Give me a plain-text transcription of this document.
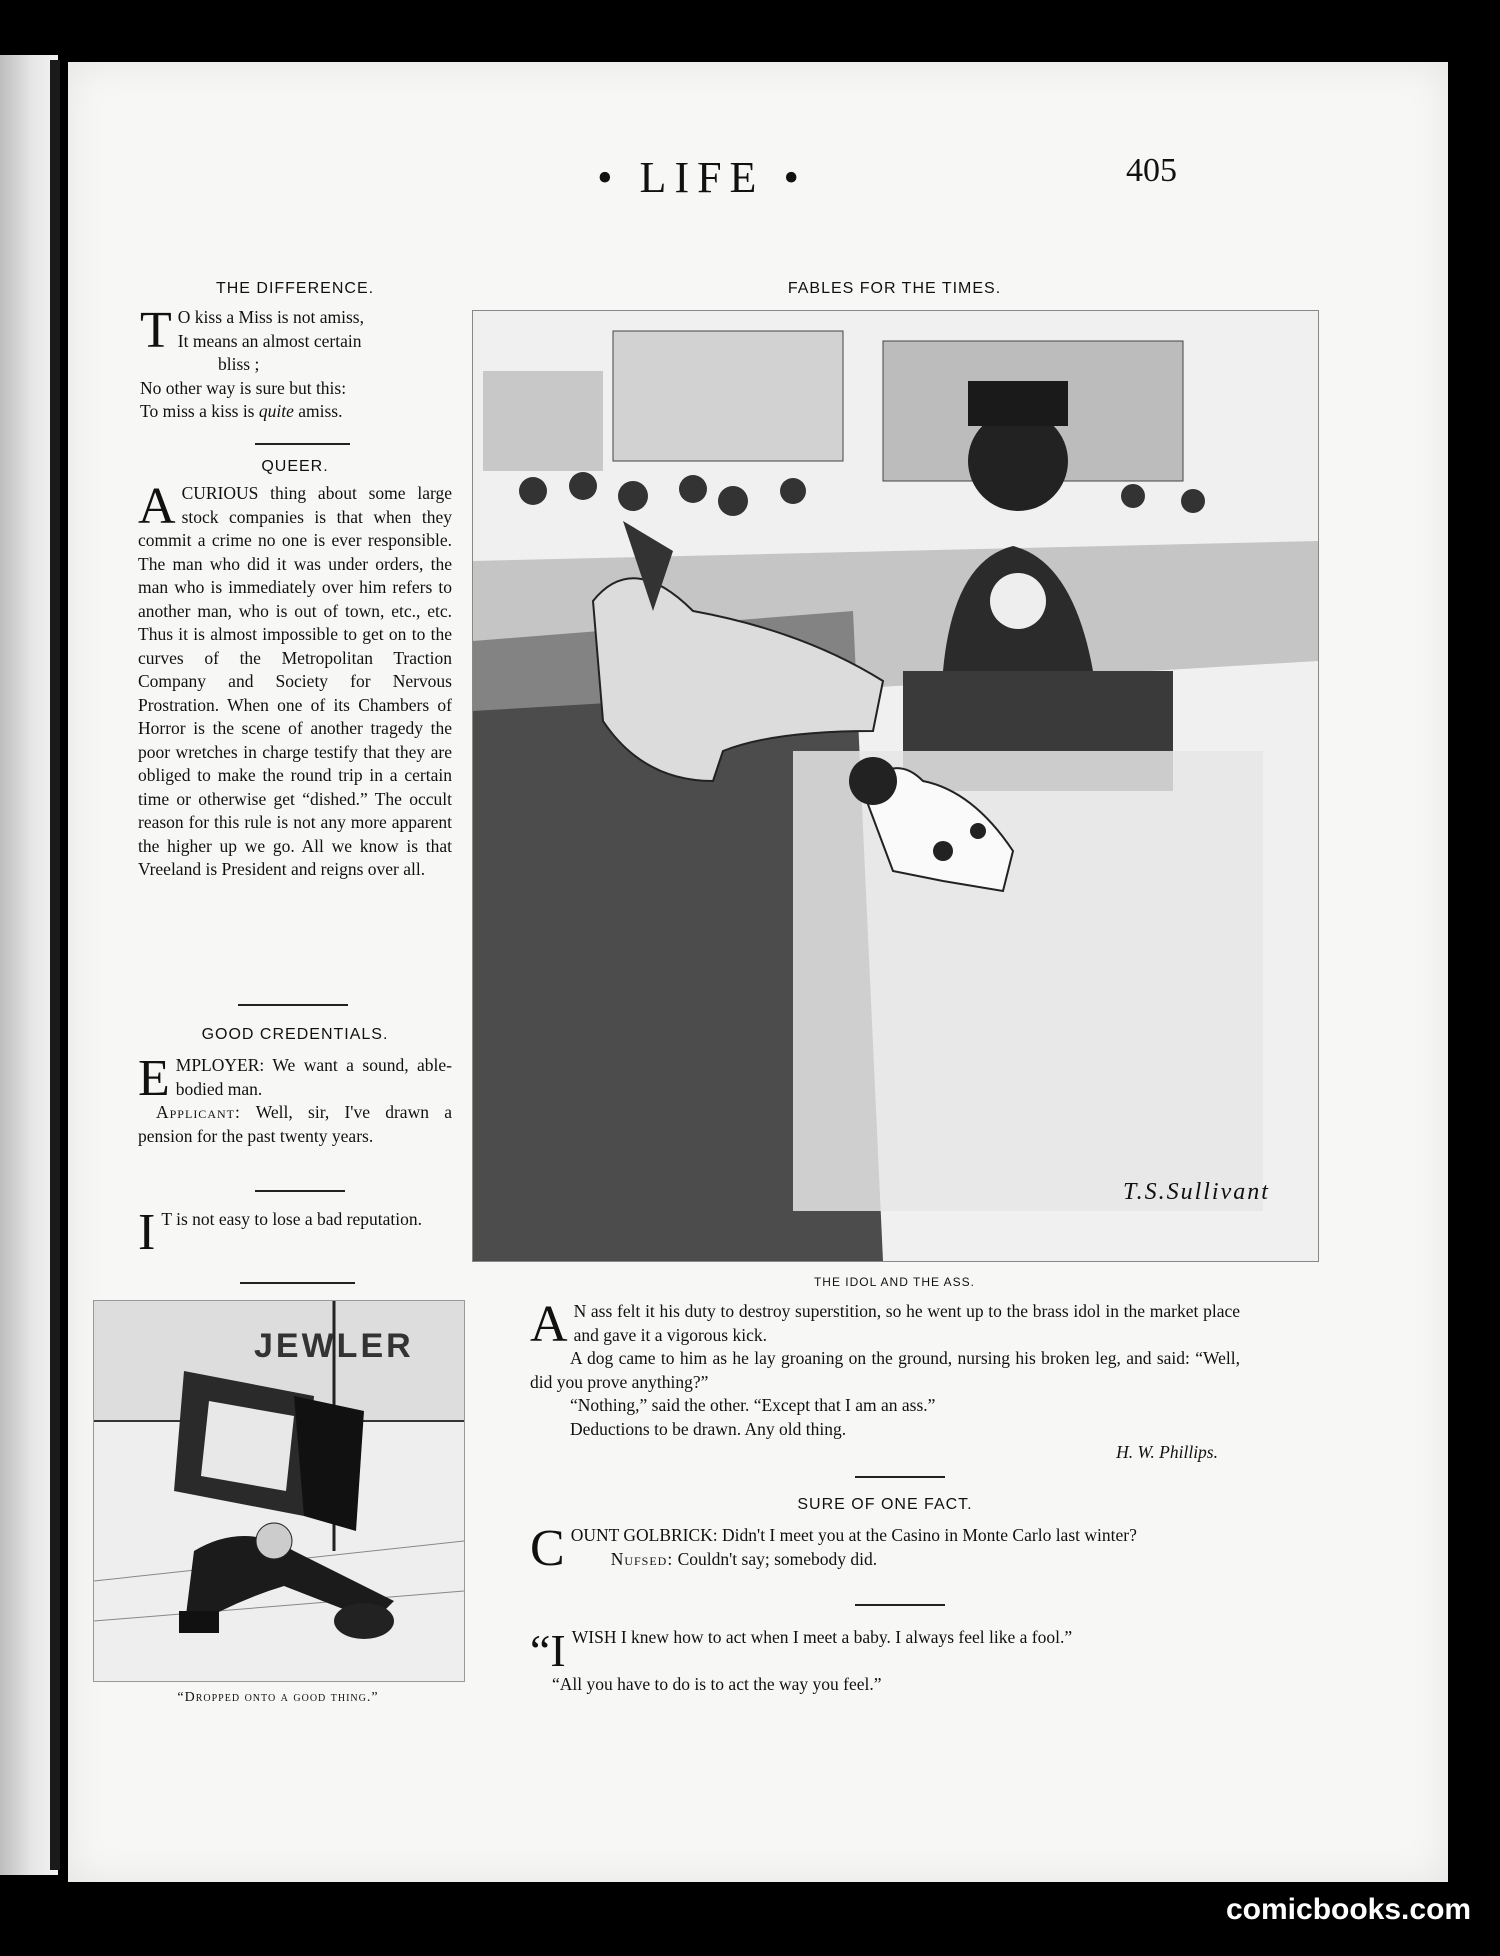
• LIFE •	405
THE DIFFERENCE.
T O kiss a Miss is not amiss,
It means an almost certain
bliss ;
No other way is sure but this:
To miss a kiss is quite amiss.
QUEER.
A CURIOUS thing about some large stock companies is that when they commit a crime no one is ever responsible. The man who did it was under orders, the man who is immediately over him refers to another man, who is out of town, etc., etc. Thus it is almost impossible to get on to the curves of the Metropolitan Traction Company and Society for Nervous Prostration. When one of its Chambers of Horror is the scene of another tragedy the poor wretches in charge testify that they are obliged to make the round trip in a certain time or otherwise get “dished.” The occult reason for this rule is not any more apparent the higher up we go. All we know is that Vreeland is President and reigns over all.
GOOD CREDENTIALS.

EMPLOYER: We want a sound, able-bodied man.

Applicant: Well, sir, I've drawn a pension for the past twenty years.

I T is not easy to lose a bad reputation.
JEWLER
“Dropped onto a good thing.”
FABLES FOR THE TIMES.
T.S.Sullivant
THE IDOL AND THE ASS.

A N ass felt it his duty to destroy superstition, so he went up to the brass idol in the market place and gave it a vigorous kick.

A dog came to him as he lay groaning on the ground, nursing his broken leg, and said: “Well, did you prove anything?”

“Nothing,” said the other. “Except that I am an ass.”

Deductions to be drawn. Any old thing.

H. W. Phillips.

SURE OF ONE FACT.

COUNT GOLBRICK: Didn't I meet you at the Casino in Monte Carlo last winter?

Nufsed: Couldn't say; somebody did.

“I WISH I knew how to act when I meet a baby. I always feel like a fool.”

“All you have to do is to act the way you feel.”

comicbooks.com
